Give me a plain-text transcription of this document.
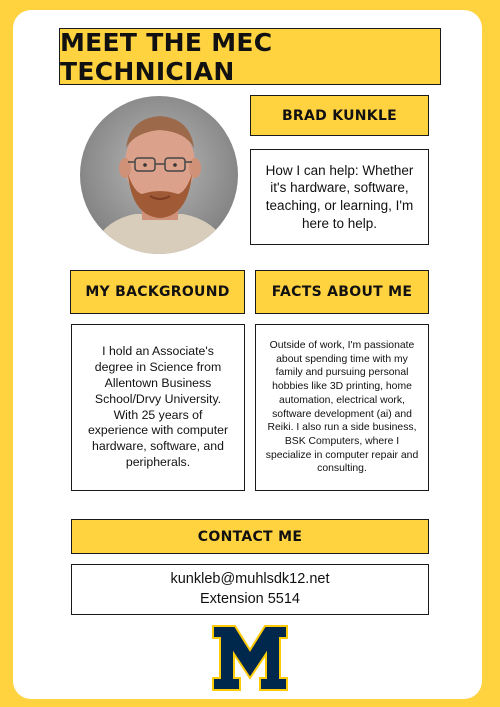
MEET THE MEC TECHNICIAN
BRAD KUNKLE
How I can help: Whether it's hardware, software, teaching, or learning, I'm here to help.
MY BACKGROUND	FACTS ABOUT ME
I hold an Associate's degree in Science from Allentown Business School/Drvy University. With 25 years of experience with computer hardware, software, and peripherals.
Outside of work, I'm passionate about spending time with my family and pursuing personal hobbies like 3D printing, home automation, electrical work, software development (ai) and Reiki. I also run a side business, BSK Computers, where I specialize in computer repair and consulting.
CONTACT ME
kunkleb@muhlsdk12.net
Extension 5514
